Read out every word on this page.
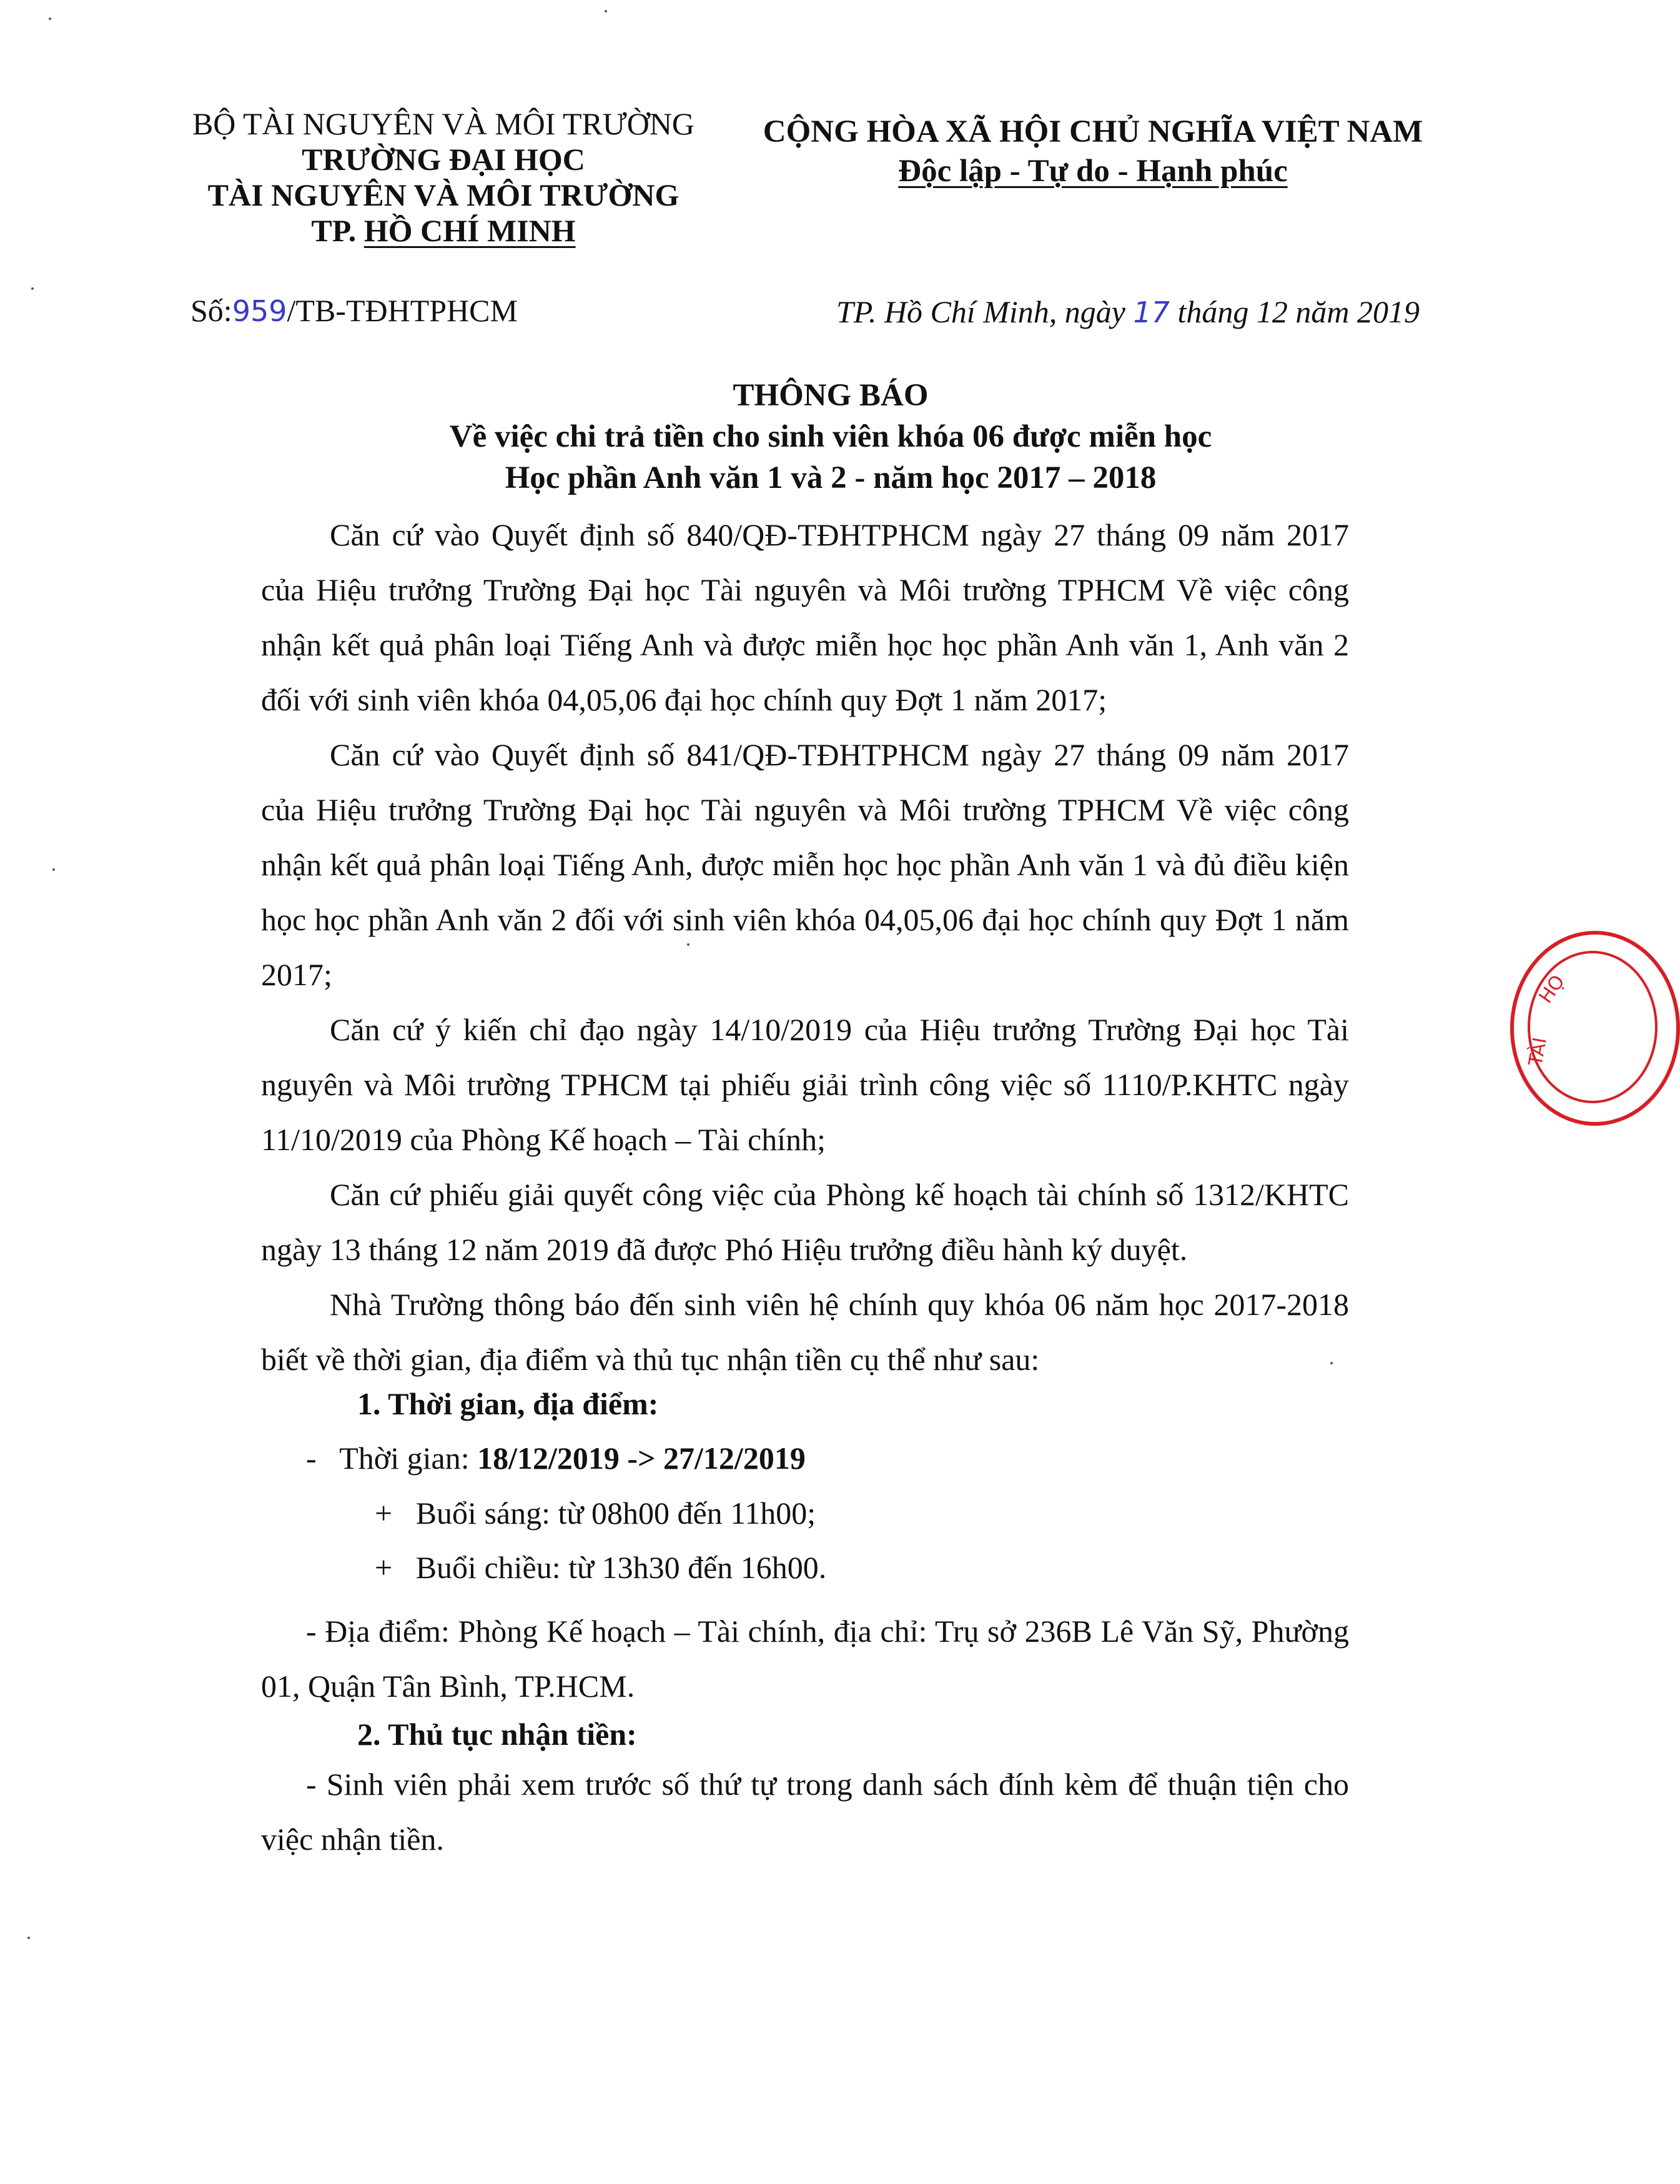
BỘ TÀI NGUYÊN VÀ MÔI TRƯỜNG
TRƯỜNG ĐẠI HỌC
TÀI NGUYÊN VÀ MÔI TRƯỜNG
TP. HỒ CHÍ MINH
CỘNG HÒA XÃ HỘI CHỦ NGHĨA VIỆT NAM
Độc lập - Tự do - Hạnh phúc
Số:959/TB-TĐHTPHCM	TP. Hồ Chí Minh, ngày 17 tháng 12 năm 2019
THÔNG BÁO
Về việc chi trả tiền cho sinh viên khóa 06 được miễn học
Học phần Anh văn 1 và 2 - năm học 2017 – 2018

Căn cứ vào Quyết định số 840/QĐ-TĐHTPHCM ngày 27 tháng 09 năm 2017 của Hiệu trưởng Trường Đại học Tài nguyên và Môi trường TPHCM Về việc công nhận kết quả phân loại Tiếng Anh và được miễn học học phần Anh văn 1, Anh văn 2 đối với sinh viên khóa 04,05,06 đại học chính quy Đợt 1 năm 2017;

Căn cứ vào Quyết định số 841/QĐ-TĐHTPHCM ngày 27 tháng 09 năm 2017 của Hiệu trưởng Trường Đại học Tài nguyên và Môi trường TPHCM Về việc công nhận kết quả phân loại Tiếng Anh, được miễn học học phần Anh văn 1 và đủ điều kiện học học phần Anh văn 2 đối với sinh viên khóa 04,05,06 đại học chính quy Đợt 1 năm 2017;

Căn cứ ý kiến chỉ đạo ngày 14/10/2019 của Hiệu trưởng Trường Đại học Tài nguyên và Môi trường TPHCM tại phiếu giải trình công việc số 1110/P.KHTC ngày 11/10/2019 của Phòng Kế hoạch – Tài chính;

Căn cứ phiếu giải quyết công việc của Phòng kế hoạch tài chính số 1312/KHTC ngày 13 tháng 12 năm 2019 đã được Phó Hiệu trưởng điều hành ký duyệt.

Nhà Trường thông báo đến sinh viên hệ chính quy khóa 06 năm học 2017-2018 biết về thời gian, địa điểm và thủ tục nhận tiền cụ thể như sau:

1. Thời gian, địa điểm:
-   Thời gian: 18/12/2019 -> 27/12/2019
+   Buổi sáng: từ 08h00 đến 11h00;
+   Buổi chiều: từ 13h30 đến 16h00.

- Địa điểm: Phòng Kế hoạch – Tài chính, địa chỉ: Trụ sở 236B Lê Văn Sỹ, Phường 01, Quận Tân Bình, TP.HCM.

2. Thủ tục nhận tiền:

- Sinh viên phải xem trước số thứ tự trong danh sách đính kèm để thuận tiện cho việc nhận tiền.

HỌ
TÀI
